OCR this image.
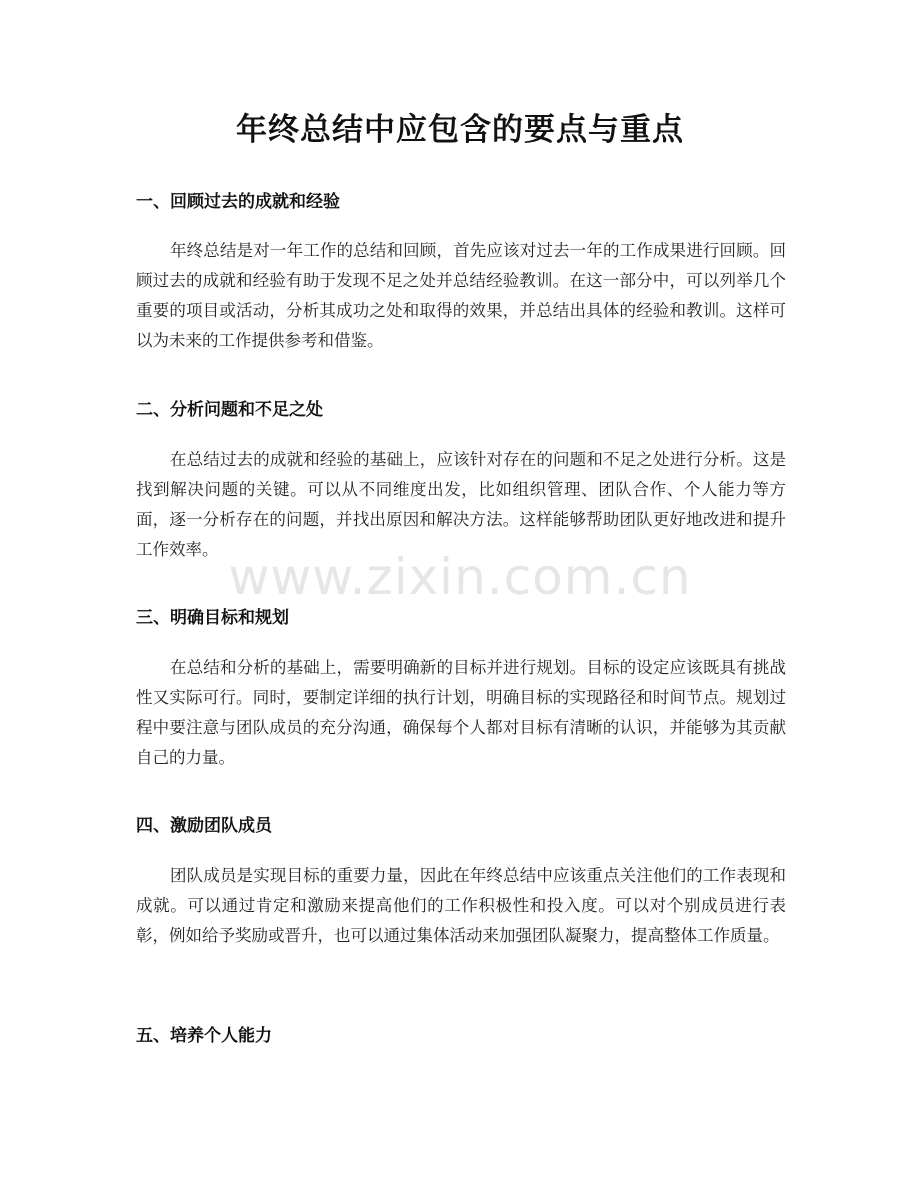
年终总结中应包含的要点与重点
一、回顾过去的成就和经验

年终总结是对一年工作的总结和回顾，首先应该对过去一年的工作成果进行回顾。回顾过去的成就和经验有助于发现不足之处并总结经验教训。在这一部分中，可以列举几个重要的项目或活动，分析其成功之处和取得的效果，并总结出具体的经验和教训。这样可以为未来的工作提供参考和借鉴。

二、分析问题和不足之处

在总结过去的成就和经验的基础上，应该针对存在的问题和不足之处进行分析。这是找到解决问题的关键。可以从不同维度出发，比如组织管理、团队合作、个人能力等方面，逐一分析存在的问题，并找出原因和解决方法。这样能够帮助团队更好地改进和提升工作效率。

三、明确目标和规划

在总结和分析的基础上，需要明确新的目标并进行规划。目标的设定应该既具有挑战性又实际可行。同时，要制定详细的执行计划，明确目标的实现路径和时间节点。规划过程中要注意与团队成员的充分沟通，确保每个人都对目标有清晰的认识，并能够为其贡献自己的力量。

四、激励团队成员

团队成员是实现目标的重要力量，因此在年终总结中应该重点关注他们的工作表现和成就。可以通过肯定和激励来提高他们的工作积极性和投入度。可以对个别成员进行表彰，例如给予奖励或晋升，也可以通过集体活动来加强团队凝聚力，提高整体工作质量。

五、培养个人能力
www.zixin.com.cn
